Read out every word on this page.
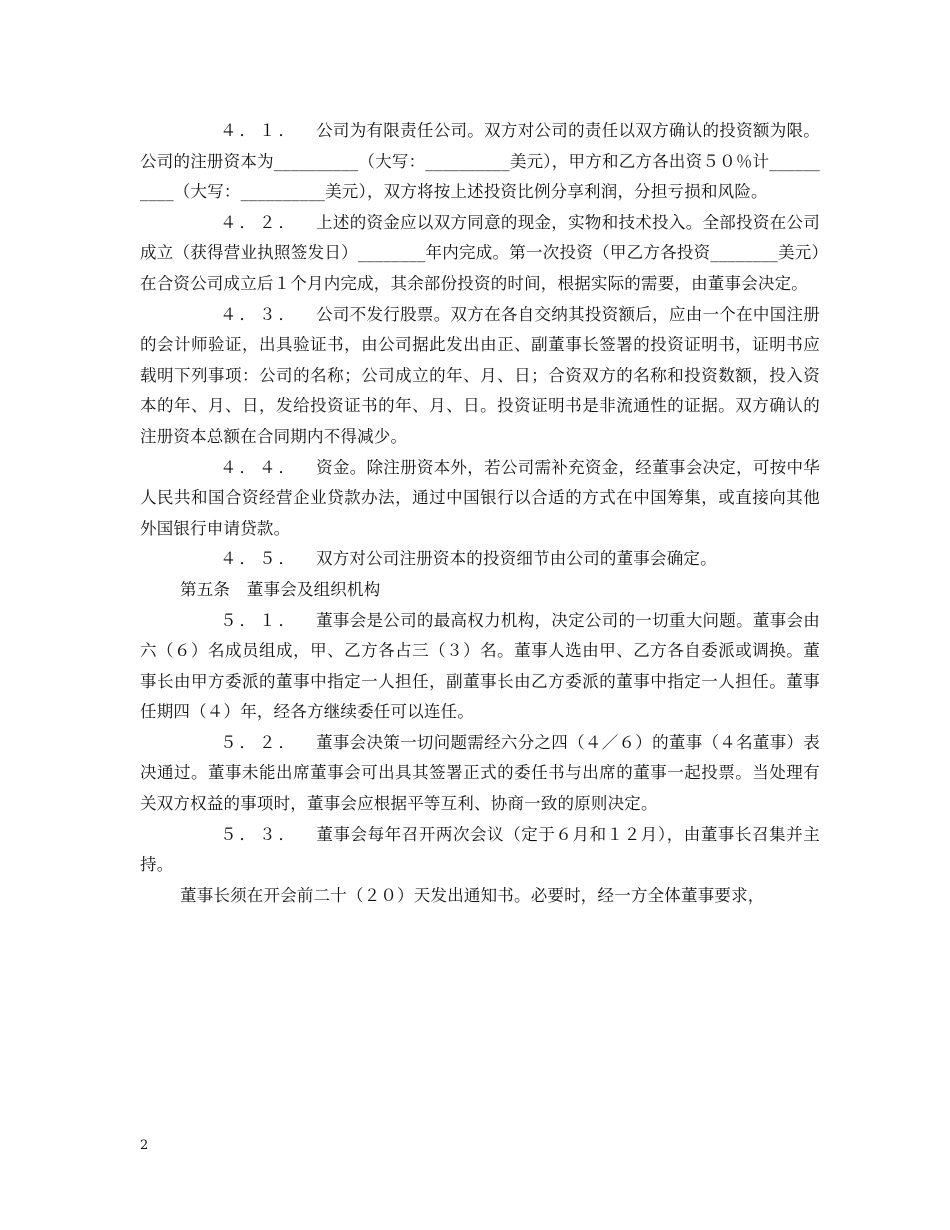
４．１． 公司为有限责任公司。双方对公司的责任以双方确认的投资额为限。公司的注册资本为__________（大写：__________美元），甲方和乙方各出资５０％计__________（大写：__________美元），双方将按上述投资比例分享利润，分担亏损和风险。

４．２． 上述的资金应以双方同意的现金，实物和技术投入。全部投资在公司成立（获得营业执照签发日）________年内完成。第一次投资（甲乙方各投资________美元）在合资公司成立后１个月内完成，其余部份投资的时间，根据实际的需要，由董事会决定。

４．３． 公司不发行股票。双方在各自交纳其投资额后，应由一个在中国注册的会计师验证，出具验证书，由公司据此发出由正、副董事长签署的投资证明书，证明书应载明下列事项：公司的名称；公司成立的年、月、日；合资双方的名称和投资数额，投入资本的年、月、日，发给投资证书的年、月、日。投资证明书是非流通性的证据。双方确认的注册资本总额在合同期内不得减少。

４．４． 资金。除注册资本外，若公司需补充资金，经董事会决定，可按中华人民共和国合资经营企业贷款办法，通过中国银行以合适的方式在中国筹集，或直接向其他外国银行申请贷款。

４．５． 双方对公司注册资本的投资细节由公司的董事会确定。

第五条　董事会及组织机构

５．１． 董事会是公司的最高权力机构，决定公司的一切重大问题。董事会由六（６）名成员组成，甲、乙方各占三（３）名。董事人选由甲、乙方各自委派或调换。董事长由甲方委派的董事中指定一人担任，副董事长由乙方委派的董事中指定一人担任。董事任期四（４）年，经各方继续委任可以连任。

５．２． 董事会决策一切问题需经六分之四（４／６）的董事（４名董事）表决通过。董事未能出席董事会可出具其签署正式的委任书与出席的董事一起投票。当处理有关双方权益的事项时，董事会应根据平等互利、协商一致的原则决定。

５．３． 董事会每年召开两次会议（定于６月和１２月），由董事长召集并主持。

董事长须在开会前二十（２０）天发出通知书。必要时，经一方全体董事要求，

2
